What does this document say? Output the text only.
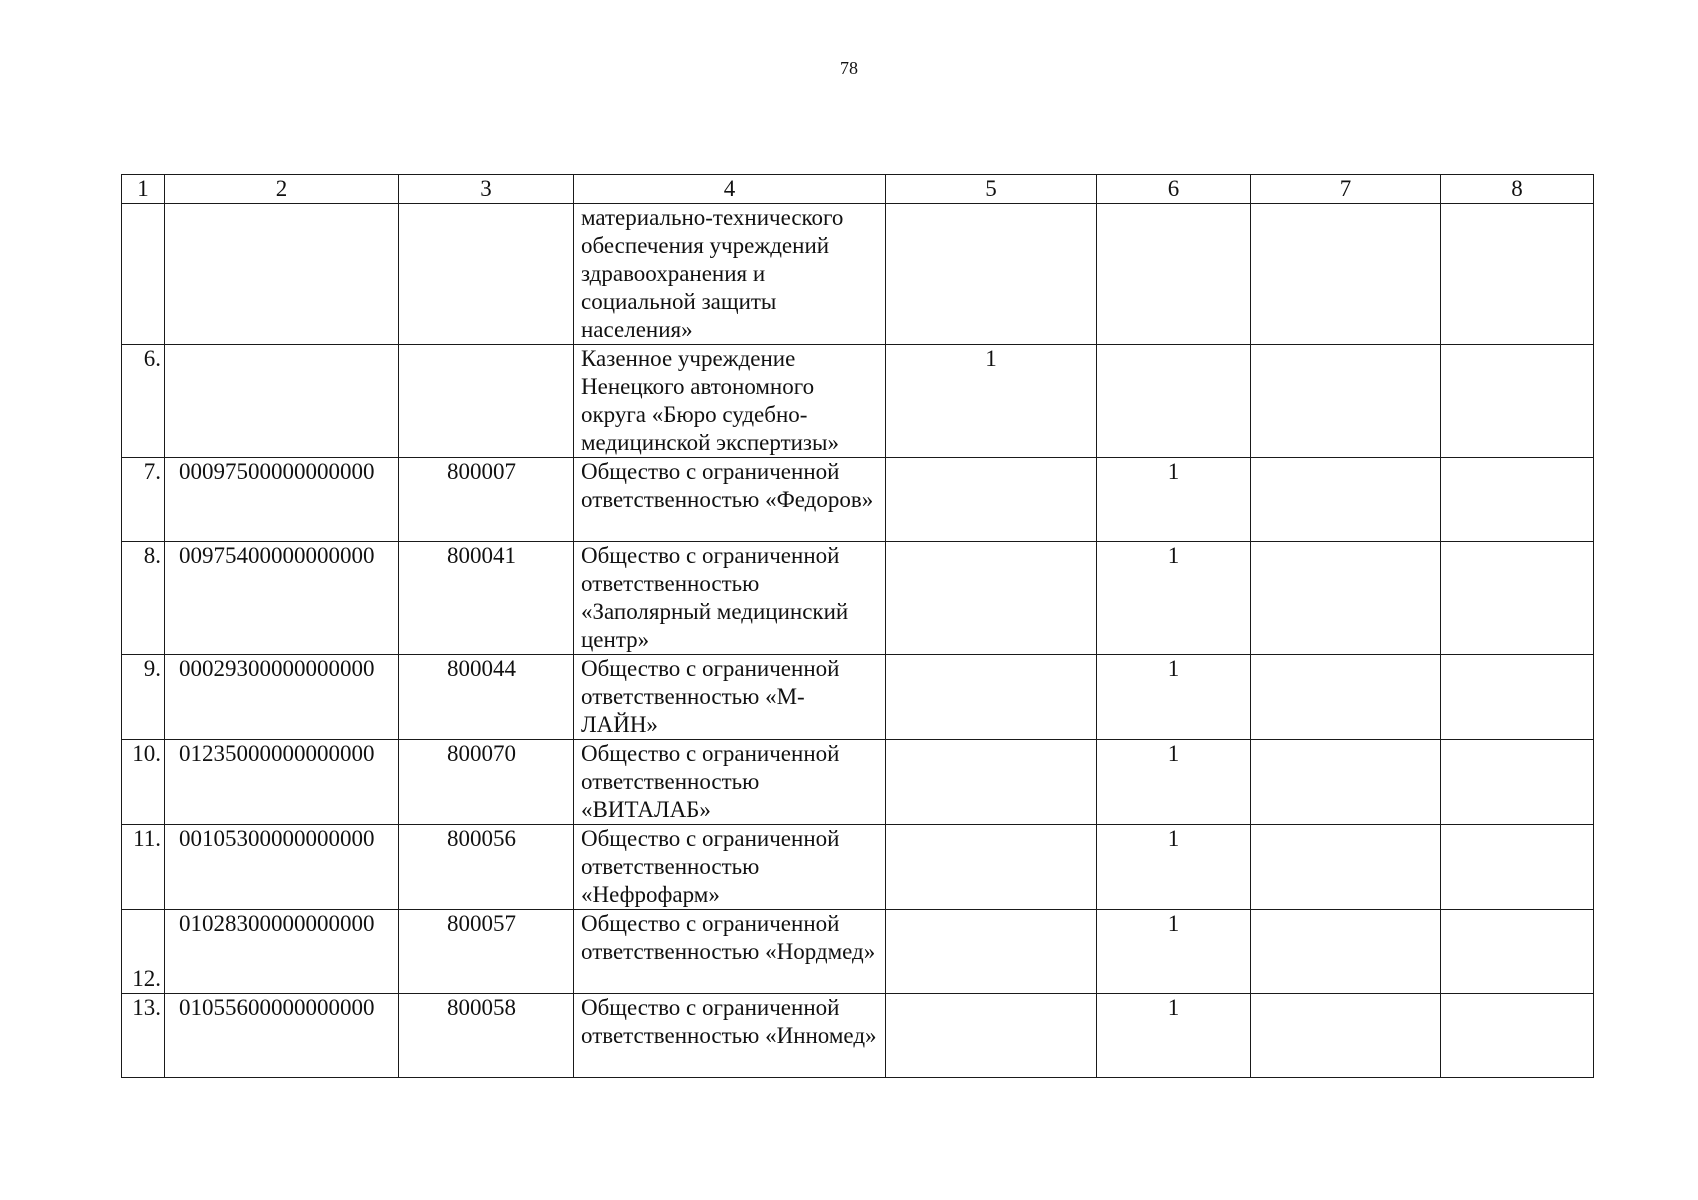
78
1	2	3	4	5	6	7	8
			материально-технического обеспечения учреждений здравоохранения и социальной защиты населения»				
6.			Казенное учреждение Ненецкого автономного округа «Бюро судебно-медицинской экспертизы»	1			
7.	00097500000000000	800007	Общество с ограниченной ответственностью «Федоров»		1		
8.	00975400000000000	800041	Общество с ограниченной ответственностью «Заполярный медицинский центр»		1		
9.	00029300000000000	800044	Общество с ограниченной ответственностью «М-ЛАЙН»		1		
10.	01235000000000000	800070	Общество с ограниченной ответственностью «ВИТАЛАБ»		1		
11.	00105300000000000	800056	Общество с ограниченной ответственностью «Нефрофарм»		1		
12.	01028300000000000	800057	Общество с ограниченной ответственностью «Нордмед»		1		
13.	01055600000000000	800058	Общество с ограниченной ответственностью «Инномед»		1		
